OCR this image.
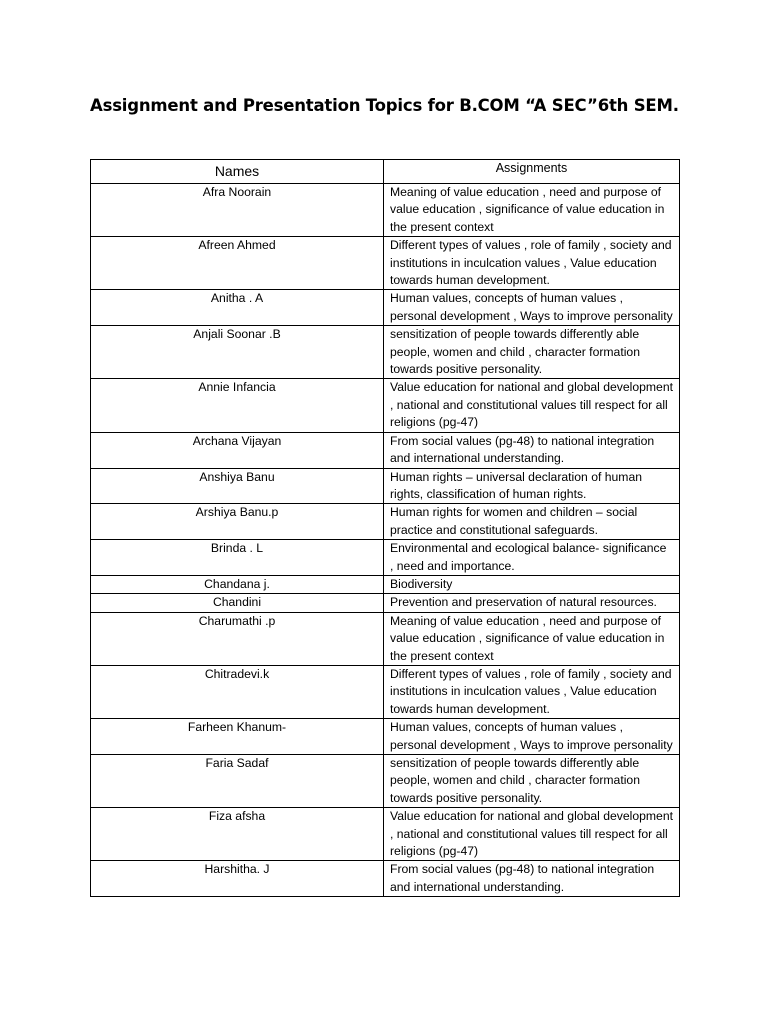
Assignment and Presentation Topics for B.COM “A SEC”6th SEM.
Names	Assignments
Afra Noorain	Meaning of value education , need and purpose of value education , significance of value education in the present context
Afreen Ahmed	Different types of values , role of family , society and institutions in inculcation values , Value education towards human development.
Anitha . A	Human values, concepts of human values , personal development , Ways to improve personality
Anjali Soonar .B	sensitization of people towards differently able people, women and child , character formation towards positive personality.
Annie Infancia	Value education for national and global development , national and constitutional values till respect for all religions (pg-47)
Archana Vijayan	From social values (pg-48) to national integration and international understanding.
Anshiya Banu	Human rights – universal declaration of human rights, classification of human rights.
Arshiya Banu.p	Human rights for women and children – social practice and constitutional safeguards.
Brinda . L	Environmental and ecological balance- significance , need and importance.
Chandana j.	Biodiversity
Chandini	Prevention and preservation of natural resources.
Charumathi .p	Meaning of value education , need and purpose of value education , significance of value education in the present context
Chitradevi.k	Different types of values , role of family , society and institutions in inculcation values , Value education towards human development.
Farheen Khanum-	Human values, concepts of human values , personal development , Ways to improve personality
Faria Sadaf	sensitization of people towards differently able people, women and child , character formation towards positive personality.
Fiza afsha	Value education for national and global development , national and constitutional values till respect for all religions (pg-47)
Harshitha. J	From social values (pg-48) to national integration and international understanding.
